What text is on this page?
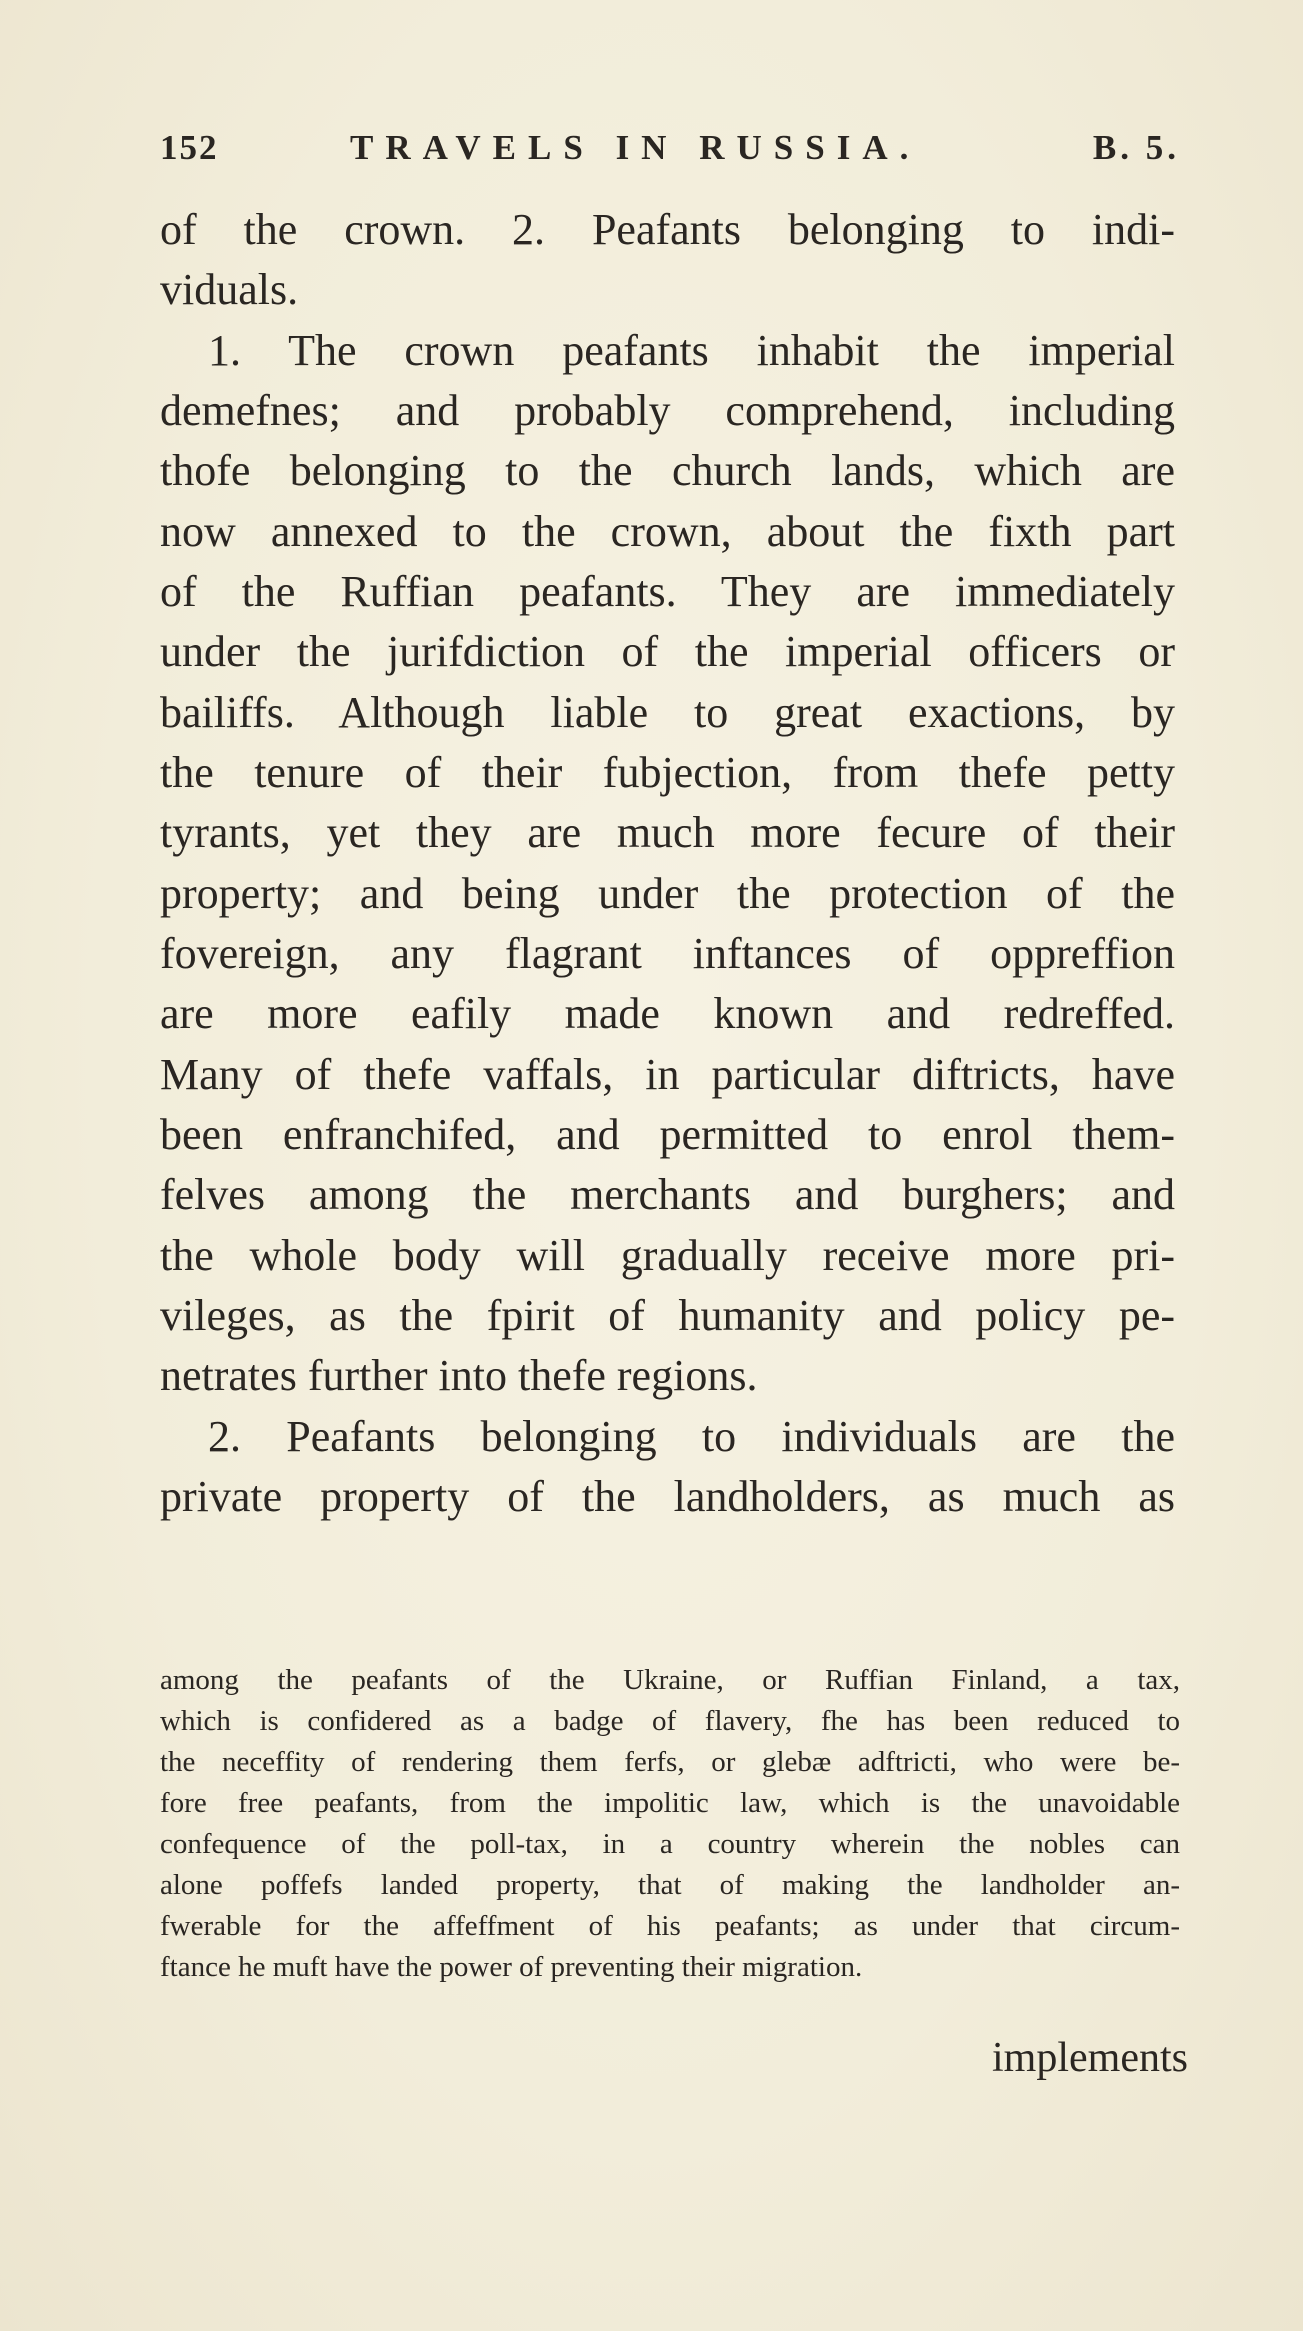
152	TRAVELS IN RUSSIA.	B. 5.
of the crown. 2. Peafants belonging to indi-
viduals.
1. The crown peafants inhabit the imperial
demefnes; and probably comprehend, including
thofe belonging to the church lands, which are
now annexed to the crown, about the fixth part
of the Ruffian peafants. They are immediately
under the jurifdiction of the imperial officers or
bailiffs. Although liable to great exactions, by
the tenure of their fubjection, from thefe petty
tyrants, yet they are much more fecure of their
property; and being under the protection of the
fovereign, any flagrant inftances of oppreffion
are more eafily made known and redreffed.
Many of thefe vaffals, in particular diftricts, have
been enfranchifed, and permitted to enrol them-
felves among the merchants and burghers; and
the whole body will gradually receive more pri-
vileges, as the fpirit of humanity and policy pe-
netrates further into thefe regions.
2. Peafants belonging to individuals are the
private property of the landholders, as much as
among the peafants of the Ukraine, or Ruffian Finland, a tax,
which is confidered as a badge of flavery, fhe has been reduced to
the neceffity of rendering them ferfs, or glebæ adftricti, who were be-
fore free peafants, from the impolitic law, which is the unavoidable
confequence of the poll-tax, in a country wherein the nobles can
alone poffefs landed property, that of making the landholder an-
fwerable for the affeffment of his peafants; as under that circum-
ftance he muft have the power of preventing their migration.
implements
